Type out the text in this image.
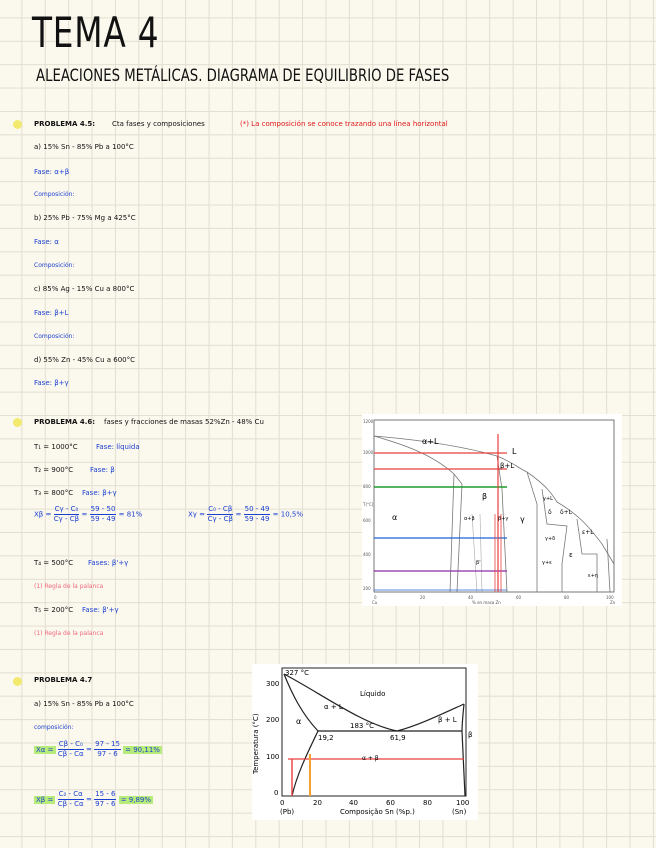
TEMA 4
ALEACIONES METÁLICAS. DIAGRAMA DE EQUILIBRIO DE FASES
PROBLEMA 4.5: Cta fases y composiciones	(*) La composición se conoce trazando una línea horizontal
a) 15% Sn - 85% Pb a 100°C
Fase: α+β
Composición:
b) 25% Pb - 75% Mg a 425°C
Fase: α
Composición:
c) 85% Ag - 15% Cu a 800°C
Fase: β+L
Composición:
d) 55% Zn - 45% Cu a 600°C
Fase: β+γ
PROBLEMA 4.6: fases y fracciones de masas 52%Zn - 48% Cu
T₁ = 1000°C	Fase: líquida
T₂ = 900°C Fase: β
T₃ = 800°C Fase: β+γ
$X\beta = \frac{\text{Cγ - C₀}}{C\gamma - C\beta} = \frac{59 - 50}{59 - 49} = 81\%$	$X\gamma = \frac{\text{C₀ - Cβ}}{C\gamma - C\beta} = \frac{50 - 49}{59 - 49} = 10,5\%$
T₄ = 500°C Fases: β'+γ
(1) Regla de la palanca
T₅ = 200°C Fase: β'+γ
(1) Regla de la palanca
α+L
L
β+L
α
β
α+β	β+γ γ
γ+L
δ δ+L
ε+L
γ+ε
ε
ε+η
β'
γ+δ
1200
1000
800
600
400
200
T(°C)
0	20	40	60	80	100
% en masa Zn
Cu	Zn
PROBLEMA 4.7
a) 15% Sn - 85% Pb a 100°C
composición:
$X\alpha = \frac{\text{Cβ - C₀}}{C\beta - C\alpha} = \frac{97 - 15}{97 - 6} = 90,11\%$
$X\beta = \frac{\text{C₀ - Cα}}{C\beta - C\alpha} = \frac{15 - 6}{97 - 6} = 9,89\%$
327 °C
Líquido
α + L
α	183 °C
19,2	61,9
β + L
β
α + β
Temperatura (°C)
300
200
100
0
0	20	40	60	80	100
(Pb)	Composição Sn (%p.)	(Sn)
